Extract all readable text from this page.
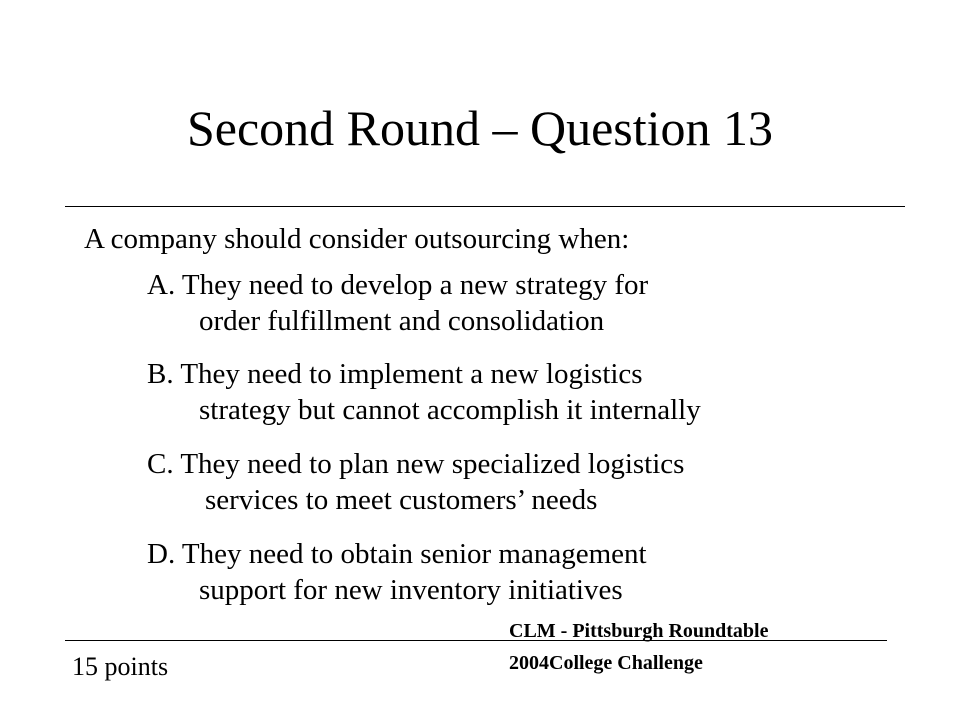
Second Round – Question 13
A company should consider outsourcing when:
A. They need to develop a new strategy for
order fulfillment and consolidation
B. They need to implement a new logistics
strategy but cannot accomplish it internally
C. They need to plan new specialized logistics
services to meet customers’ needs
D. They need to obtain senior management
support for new inventory initiatives
CLM - Pittsburgh Roundtable
2004College Challenge
15 points
